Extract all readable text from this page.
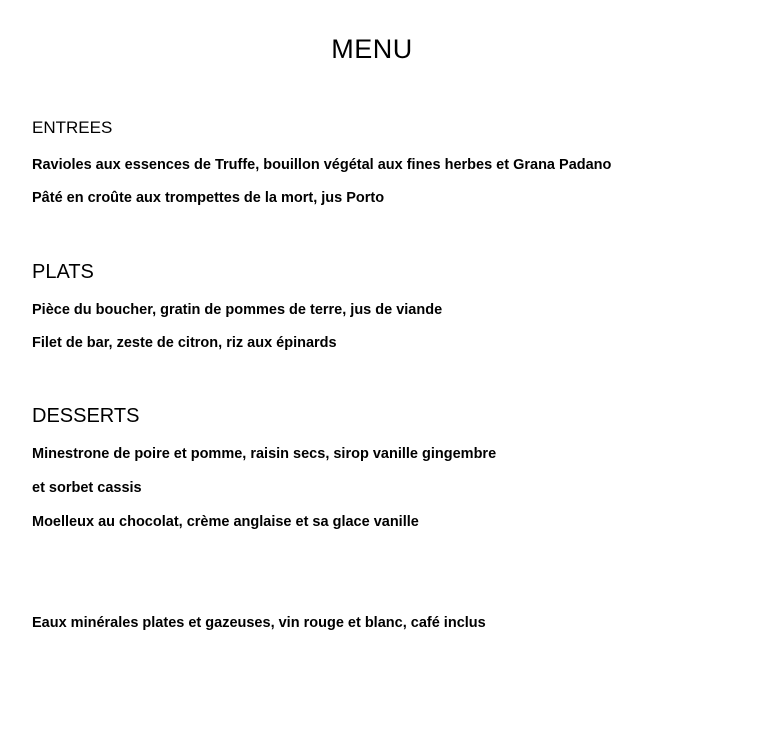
MENU
ENTREES
Ravioles aux essences de Truffe, bouillon végétal aux fines herbes et Grana Padano
Pâté en croûte aux trompettes de la mort, jus Porto
PLATS
Pièce du boucher, gratin de pommes de terre, jus de viande
Filet de bar, zeste de citron, riz aux épinards
DESSERTS
Minestrone de poire et pomme, raisin secs, sirop vanille gingembre
et sorbet cassis
Moelleux au chocolat, crème anglaise et sa glace vanille
Eaux minérales plates et gazeuses, vin rouge et blanc, café inclus
